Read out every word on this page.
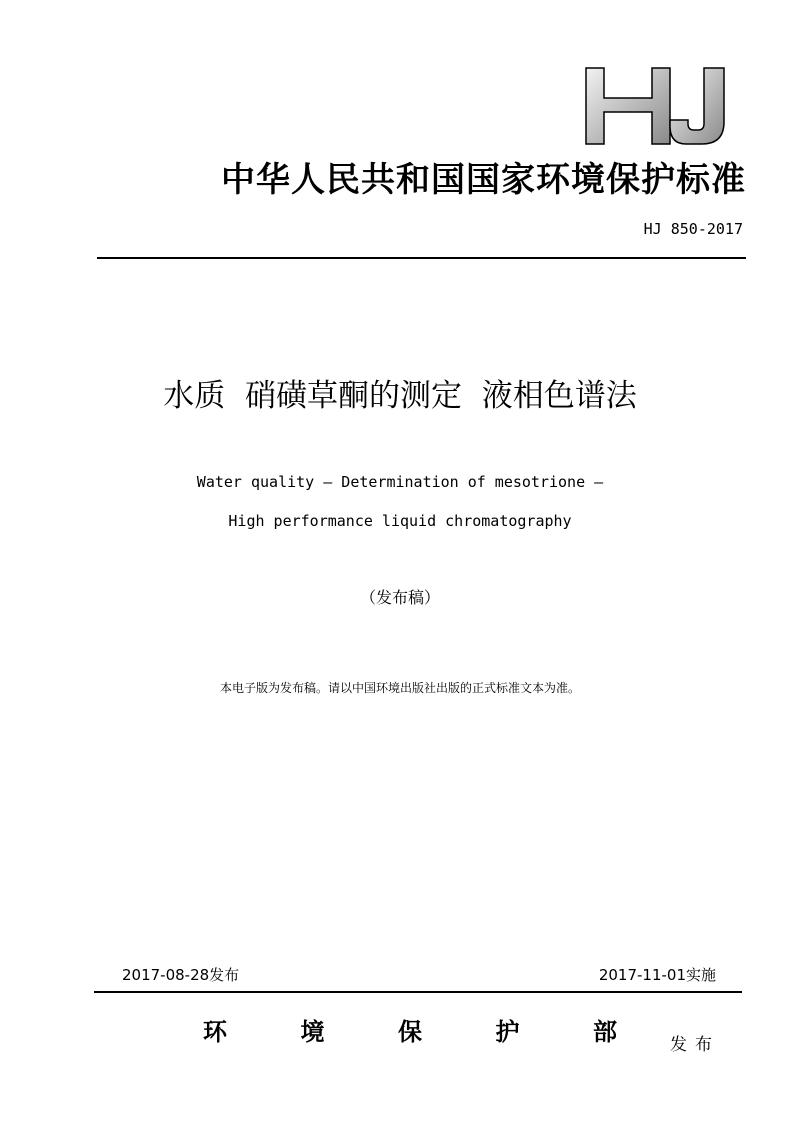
中华人民共和国国家环境保护标准
HJ 850-2017
水质  硝磺草酮的测定  液相色谱法
Water quality — Determination of mesotrione —
High performance liquid chromatography
（发布稿）
本电子版为发布稿。请以中国环境出版社出版的正式标准文本为准。
2017-08-28发布	2017-11-01实施
环	境	保	护	部	发布
